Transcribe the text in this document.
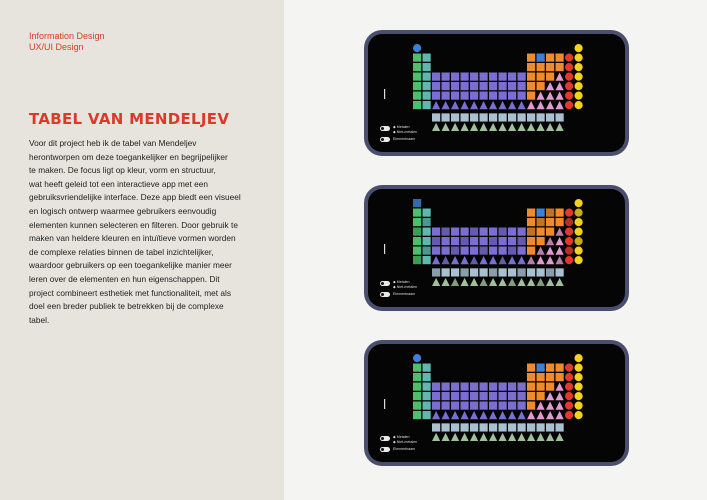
Information Design
UX/UI Design
TABEL VAN MENDELJEV
Voor dit project heb ik de tabel van Mendeljev
herontworpen om deze toegankelijker en begrijpelijker
te maken. De focus ligt op kleur, vorm en structuur,
wat heeft geleid tot een interactieve app met een
gebruiksvriendelijke interface. Deze app biedt een visueel
en logisch ontwerp waarmee gebruikers eenvoudig
elementen kunnen selecteren en filteren. Door gebruik te
maken van heldere kleuren en intuïtieve vormen worden
de complexe relaties binnen de tabel inzichtelijker,
waardoor gebruikers op een toegankelijke manier meer
leren over de elementen en hun eigenschappen. Dit
project combineert esthetiek met functionaliteit, met als
doel een breder publiek te betrekken bij de complexe
tabel.
◆ Metalen
◆ Niet-metalen
Elementnaam
◆ Metalen
◆ Niet-metalen
Elementnaam
◆ Metalen
◆ Niet-metalen
Elementnaam
